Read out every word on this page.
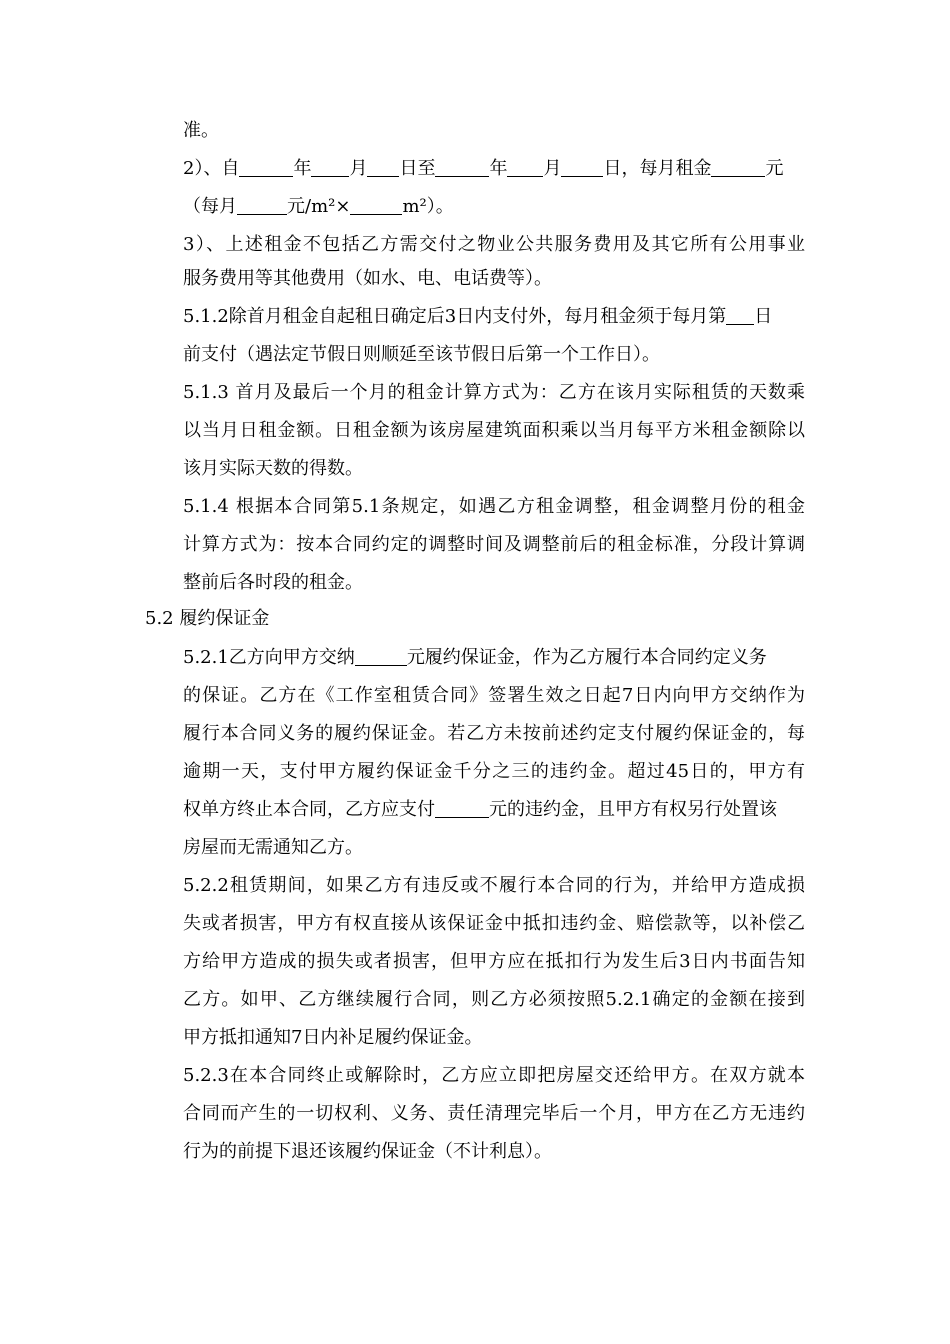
准。
2）、自	年 月 日至	年 月 日，每月租金	元
（每月	元/m²×	m²）。
3）、上述租金不包括乙方需交付之物业公共服务费用及其它所有公用事业
服务费用等其他费用（如水、电、电话费等）。
5.1.2除首月租金自起租日确定后3日内支付外，每月租金须于每月第 日
前支付（遇法定节假日则顺延至该节假日后第一个工作日）。
5.1.3 首月及最后一个月的租金计算方式为：乙方在该月实际租赁的天数乘
以当月日租金额。日租金额为该房屋建筑面积乘以当月每平方米租金额除以
该月实际天数的得数。
5.1.4 根据本合同第5.1条规定，如遇乙方租金调整，租金调整月份的租金
计算方式为：按本合同约定的调整时间及调整前后的租金标准，分段计算调
整前后各时段的租金。
5.2 履约保证金
5.2.1乙方向甲方交纳	元履约保证金，作为乙方履行本合同约定义务
的保证。乙方在《工作室租赁合同》签署生效之日起7日内向甲方交纳作为
履行本合同义务的履约保证金。若乙方未按前述约定支付履约保证金的，每
逾期一天，支付甲方履约保证金千分之三的违约金。超过45日的，甲方有
权单方终止本合同，乙方应支付	元的违约金，且甲方有权另行处置该
房屋而无需通知乙方。
5.2.2租赁期间，如果乙方有违反或不履行本合同的行为，并给甲方造成损
失或者损害，甲方有权直接从该保证金中抵扣违约金、赔偿款等，以补偿乙
方给甲方造成的损失或者损害，但甲方应在抵扣行为发生后3日内书面告知
乙方。如甲、乙方继续履行合同，则乙方必须按照5.2.1确定的金额在接到
甲方抵扣通知7日内补足履约保证金。
5.2.3在本合同终止或解除时，乙方应立即把房屋交还给甲方。在双方就本
合同而产生的一切权利、义务、责任清理完毕后一个月，甲方在乙方无违约
行为的前提下退还该履约保证金（不计利息）。
